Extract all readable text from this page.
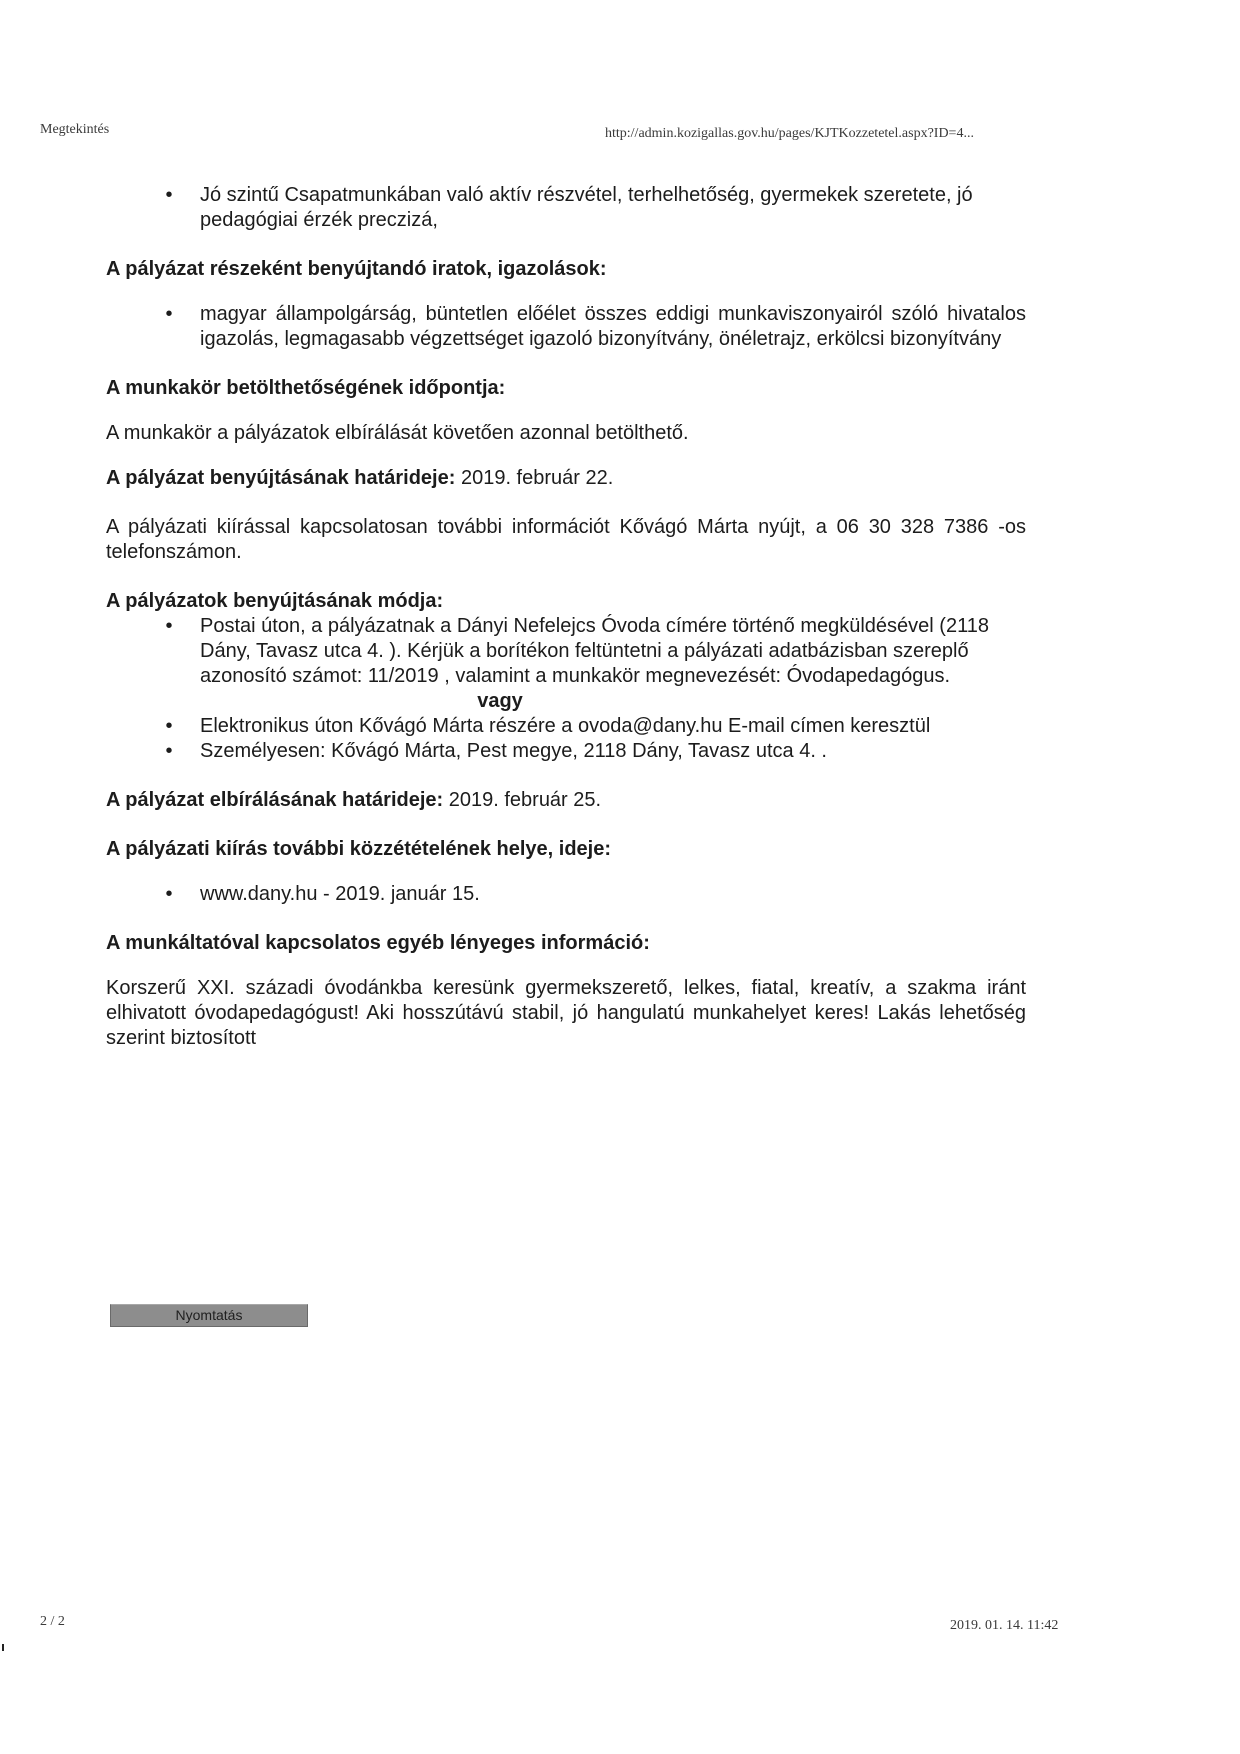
Megtekintés	http://admin.kozigallas.gov.hu/pages/KJTKozzetetel.aspx?ID=4...
• Jó szintű Csapatmunkában való aktív részvétel, terhelhetőség, gyermekek szeretete, jó pedagógiai érzék preczizá,

A pályázat részeként benyújtandó iratok, igazolások:

• magyar állampolgárság, büntetlen előélet összes eddigi munkaviszonyairól szóló hivatalos igazolás, legmagasabb végzettséget igazoló bizonyítvány, önéletrajz, erkölcsi bizonyítvány

A munkakör betölthetőségének időpontja:

A munkakör a pályázatok elbírálását követően azonnal betölthető.

A pályázat benyújtásának határideje: 2019. február 22.

A pályázati kiírással kapcsolatosan további információt Kővágó Márta nyújt, a 06 30 328 7386 -os telefonszámon.

A pályázatok benyújtásának módja:

• Postai úton, a pályázatnak a Dányi Nefelejcs Óvoda címére történő megküldésével (2118 Dány, Tavasz utca 4. ). Kérjük a borítékon feltüntetni a pályázati adatbázisban szereplő azonosító számot: 11/2019 , valamint a munkakör megnevezését: Óvodapedagógus.
vagy
• Elektronikus úton Kővágó Márta részére a ovoda@dany.hu E-mail címen keresztül
• Személyesen: Kővágó Márta, Pest megye, 2118 Dány, Tavasz utca 4. .

A pályázat elbírálásának határideje: 2019. február 25.

A pályázati kiírás további közzétételének helye, ideje:

• www.dany.hu - 2019. január 15.

A munkáltatóval kapcsolatos egyéb lényeges információ:

Korszerű XXI. századi óvodánkba keresünk gyermekszerető, lelkes, fiatal, kreatív, a szakma iránt elhivatott óvodapedagógust! Aki hosszútávú stabil, jó hangulatú munkahelyet keres! Lakás lehetőség szerint biztosított

Nyomtatás
2 / 2	2019. 01. 14. 11:42
